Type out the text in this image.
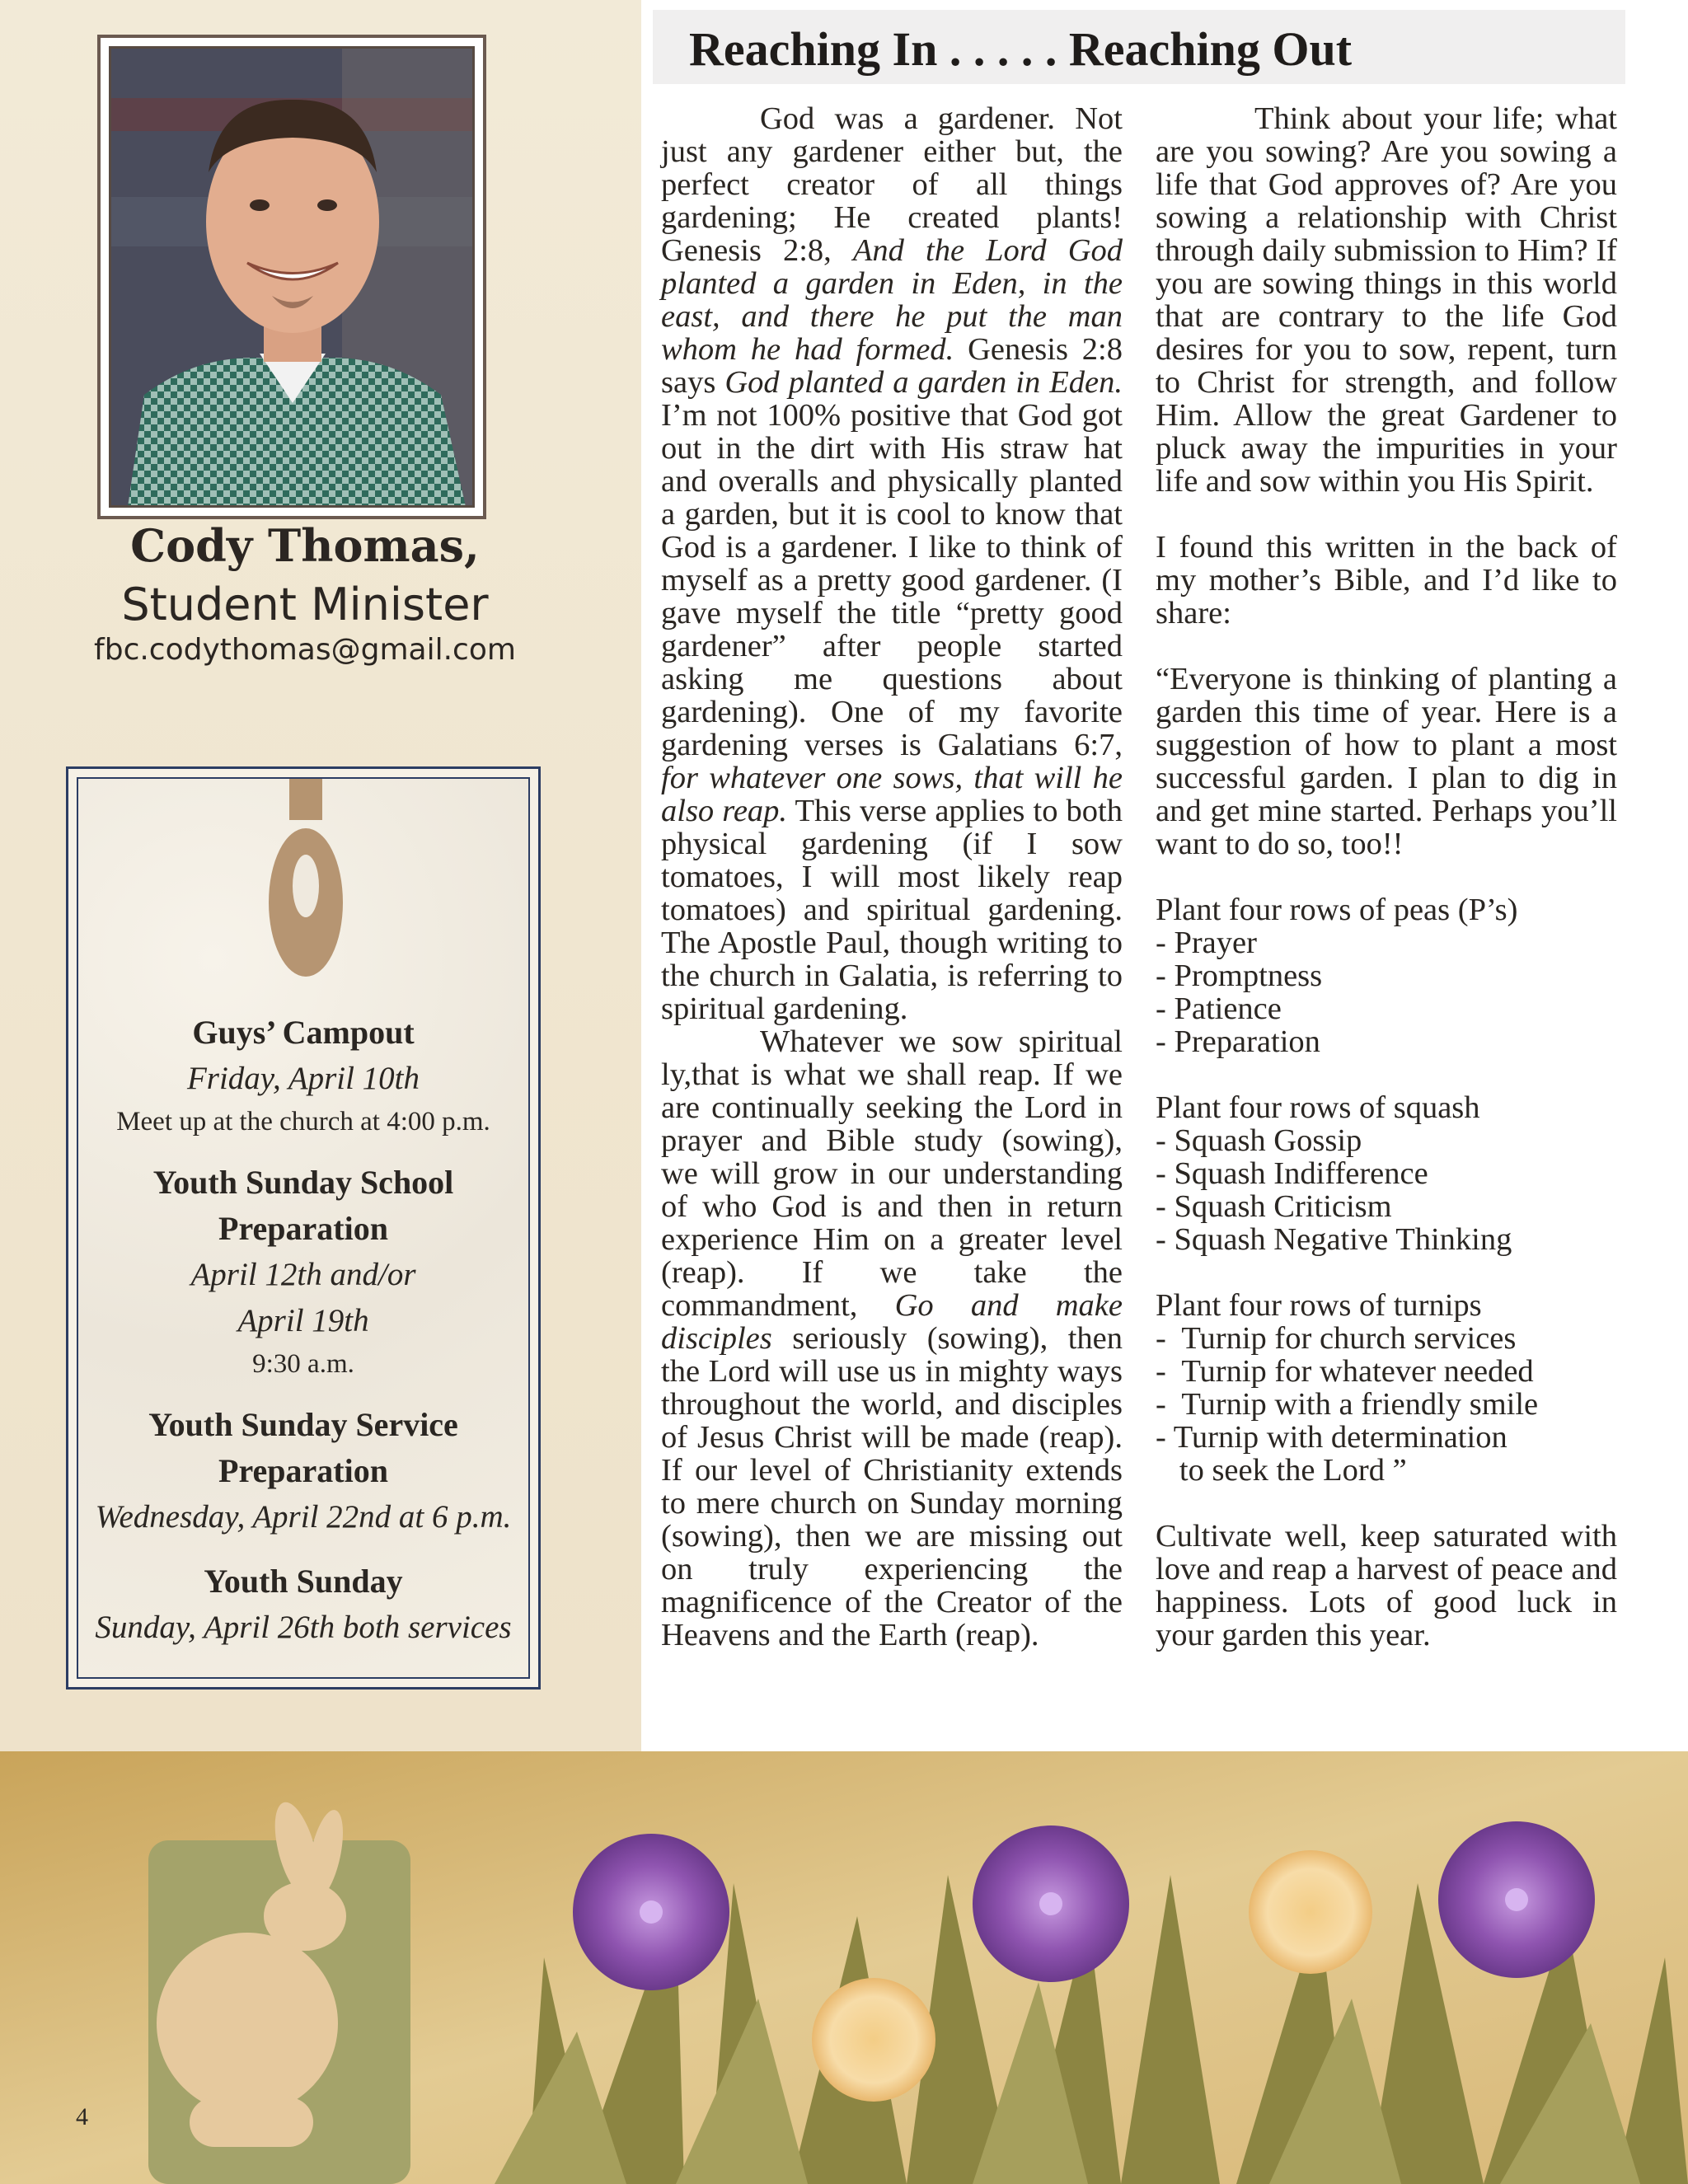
Cody Thomas,
Student Minister
fbc.codythomas@gmail.com
Guys’ Campout
Friday, April 10th
Meet up at the church at 4:00 p.m.
Youth Sunday School
Preparation
April 12th and/or
April 19th
9:30 a.m.
Youth Sunday Service
Preparation
Wednesday, April 22nd at 6 p.m.
Youth Sunday
Sunday, April 26th both services
Reaching In . . . . . Reaching Out

God was a gardener. Not just any gardener either but, the perfect creator of all things gardening; He created plants! Genesis 2:8, And the Lord God planted a garden in Eden, in the east, and there he put the man whom he had formed. Genesis 2:8 says God planted a garden in Eden. I’m not 100% positive that God got out in the dirt with His straw hat and overalls and physically planted a garden, but it is cool to know that God is a gardener. I like to think of myself as a pretty good gardener. (I gave myself the title “pretty good gardener” after people started asking me questions about gardening). One of my favorite gardening verses is Galatians 6:7, for whatever one sows, that will he also reap. This verse applies to both physical gardening (if I sow tomatoes, I will most likely reap tomatoes) and spiritual gardening. The Apostle Paul, though writing to the church in Galatia, is referring to spiritual gardening.

Whatever we sow spiritual ly,that is what we shall reap. If we are continually seeking the Lord in prayer and Bible study (sowing), we will grow in our understanding of who God is and then in return experience Him on a greater level (reap). If we take the commandment, Go and make disciples seriously (sowing), then the Lord will use us in mighty ways throughout the world, and disciples of Jesus Christ will be made (reap). If our level of Christianity extends to mere church on Sunday morning (sowing), then we are missing out on truly experiencing the magnificence of the Creator of the Heavens and the Earth (reap).

Think about your life; what are you sowing? Are you sowing a life that God approves of? Are you sowing a relationship with Christ through daily submission to Him? If you are sowing things in this world that are contrary to the life God desires for you to sow, repent, turn to Christ for strength, and follow Him. Allow the great Gardener to pluck away the impurities in your life and sow within you His Spirit.

I found this written in the back of my mother’s Bible, and I’d like to share:

“Everyone is thinking of planting a garden this time of year. Here is a suggestion of how to plant a most successful garden. I plan to dig in and get mine started. Perhaps you’ll want to do so, too!!

Plant four rows of peas (P’s)

- Prayer

- Promptness

- Patience

- Preparation

Plant four rows of squash

- Squash Gossip

- Squash Indifference

- Squash Criticism

- Squash Negative Thinking

Plant four rows of turnips

-  Turnip for church services

-  Turnip for whatever needed

-  Turnip with a friendly smile

- Turnip with determination

to seek the Lord ”

Cultivate well, keep saturated with love and reap a harvest of peace and happiness. Lots of good luck in your garden this year.

4
